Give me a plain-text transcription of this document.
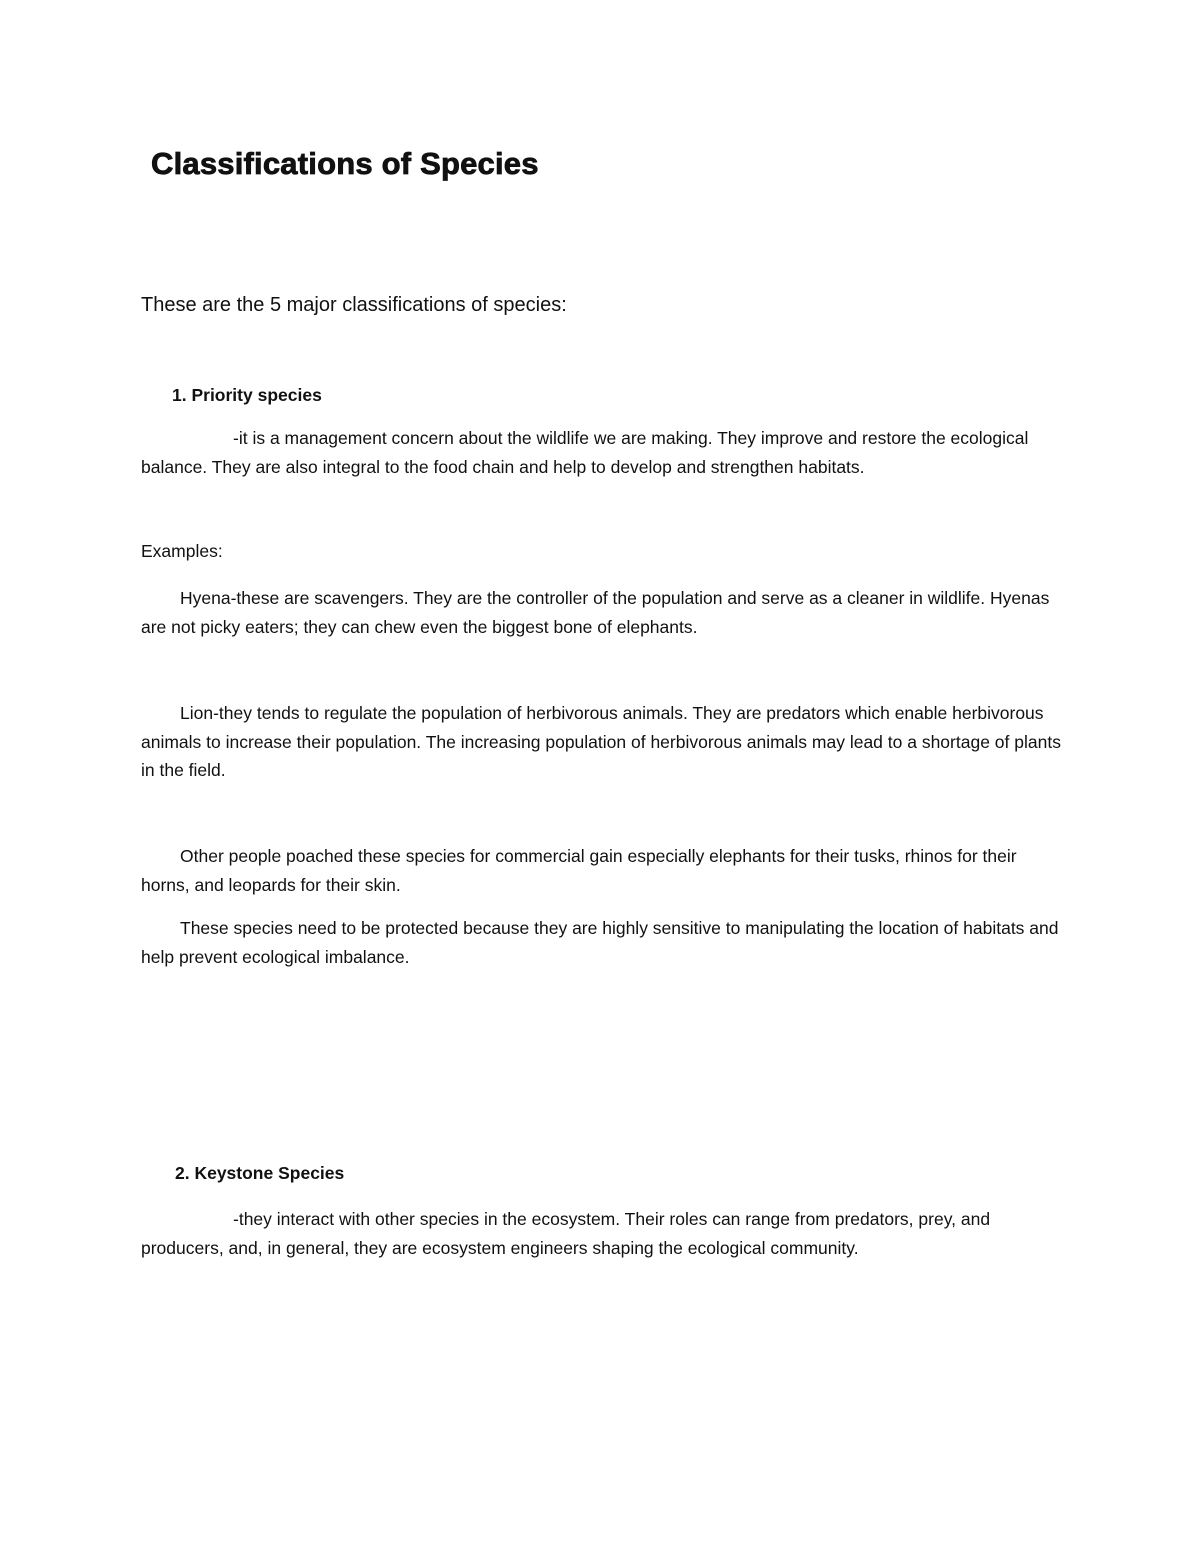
Classifications of Species

These are the 5 major classifications of species:

1. Priority species

-it is a management concern about the wildlife we are making. They improve and restore the ecological balance. They are also integral to the food chain and help to develop and strengthen habitats.

Examples:

Hyena-these are scavengers. They are the controller of the population and serve as a cleaner in wildlife. Hyenas are not picky eaters; they can chew even the biggest bone of elephants.

Lion-they tends to regulate the population of herbivorous animals. They are predators which enable herbivorous animals to increase their population. The increasing population of herbivorous animals may lead to a shortage of plants in the field.

Other people poached these species for commercial gain especially elephants for their tusks, rhinos for their horns, and leopards for their skin.

These species need to be protected because they are highly sensitive to manipulating the location of habitats and help prevent ecological imbalance.

2. Keystone Species

-they interact with other species in the ecosystem. Their roles can range from predators, prey, and producers, and, in general, they are ecosystem engineers shaping the ecological community.
